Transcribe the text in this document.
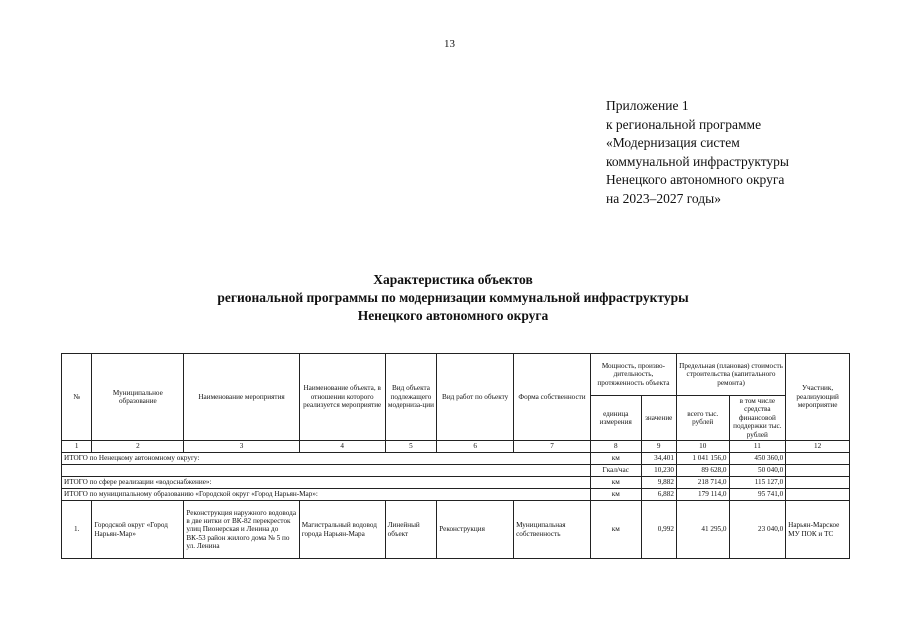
13
Приложение 1
к региональной программе
«Модернизация систем
коммунальной инфраструктуры
Ненецкого автономного округа
на 2023–2027 годы»
Характеристика объектов
региональной программы по модернизации коммунальной инфраструктуры
Ненецкого автономного округа
№	Муниципальное образование	Наименование мероприятия	Наименование объекта, в отношении которого реализуется мероприятие	Вид объекта подлежащего модерниза-ции	Вид работ по объекту	Форма собственности	Мощность, произво-дительность, протяженность объекта		Предельная (плановая) стоимость строительства (капитального ремонта)		Участник, реализующий мероприятие
							единица измерения	значение	всего тыс. рублей	в том числе средства финансовой поддержки тыс. рублей	
1	2	3	4	5	6	7	8	9	10	11	12
ИТОГО по Ненецкому автономному округу:							км	34,401	1 041 156,0	450 360,0	
							Гкал/час	10,230	89 628,0	50 040,0	
ИТОГО по сфере реализации «водоснабжение»:							км	9,882	218 714,0	115 127,0	
ИТОГО по муниципальному образованию «Городской округ «Город Нарьян-Мар»:							км	6,882	179 114,0	95 741,0	
1.	Городской округ «Город Нарьян-Мар»	Реконструкция наружного водовода в две нитки от ВК-82 перекресток улиц Пионерская и Ленина до ВК-53 район жилого дома № 5 по ул. Ленина	Магистральный водовод города Нарьян-Мара	Линейный объект	Реконструкция	Муниципальная собственность	км	0,992	41 295,0	23 040,0	Нарьян-Марское МУ ПОК и ТС
